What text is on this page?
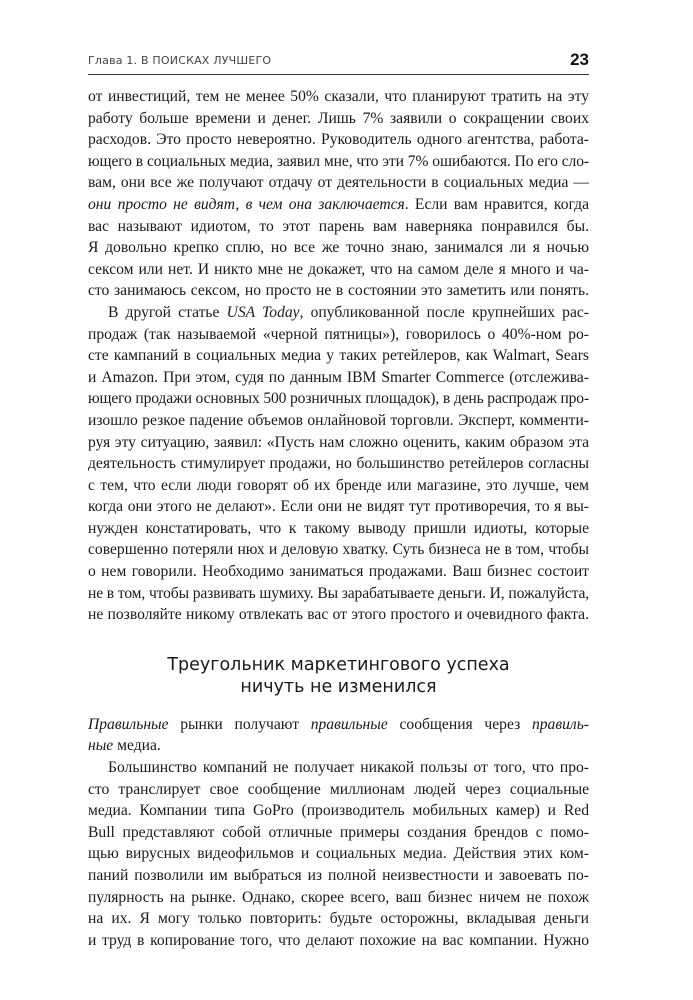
Глава 1. В ПОИСКАХ ЛУЧШЕГО	23
от инвестиций, тем не менее 50% сказали, что планируют тратить на эту
работу больше времени и денег. Лишь 7% заявили о сокращении своих
расходов. Это просто невероятно. Руководитель одного агентства, работа-
ющего в социальных медиа, заявил мне, что эти 7% ошибаются. По его сло-
вам, они все же получают отдачу от деятельности в социальных медиа —
они просто не видят, в чем она заключается. Если вам нравится, когда
вас называют идиотом, то этот парень вам наверняка понравился бы.
Я довольно крепко сплю, но все же точно знаю, занимался ли я ночью
сексом или нет. И никто мне не докажет, что на самом деле я много и ча-
сто занимаюсь сексом, но просто не в состоянии это заметить или понять.
В другой статье USA Today, опубликованной после крупнейших рас-
продаж (так называемой «черной пятницы»), говорилось о 40%-ном ро-
сте кампаний в социальных медиа у таких ретейлеров, как Walmart, Sears
и Amazon. При этом, судя по данным IBM Smarter Commerce (отслежива-
ющего продажи основных 500 розничных площадок), в день распродаж про-
изошло резкое падение объемов онлайновой торговли. Эксперт, комменти-
руя эту ситуацию, заявил: «Пусть нам сложно оценить, каким образом эта
деятельность стимулирует продажи, но большинство ретейлеров согласны
с тем, что если люди говорят об их бренде или магазине, это лучше, чем
когда они этого не делают». Если они не видят тут противоречия, то я вы-
нужден констатировать, что к такому выводу пришли идиоты, которые
совершенно потеряли нюх и деловую хватку. Суть бизнеса не в том, чтобы
о нем говорили. Необходимо заниматься продажами. Ваш бизнес состоит
не в том, чтобы развивать шумиху. Вы зарабатываете деньги. И, пожалуйста,
не позволяйте никому отвлекать вас от этого простого и очевидного факта.
Треугольник маркетингового успеха
ничуть не изменился
Правильные рынки получают правильные сообщения через правиль-
ные медиа.
Большинство компаний не получает никакой пользы от того, что про-
сто транслирует свое сообщение миллионам людей через социальные
медиа. Компании типа GoPro (производитель мобильных камер) и Red
Bull представляют собой отличные примеры создания брендов с помо-
щью вирусных видеофильмов и социальных медиа. Действия этих ком-
паний позволили им выбраться из полной неизвестности и завоевать по-
пулярность на рынке. Однако, скорее всего, ваш бизнес ничем не похож
на их. Я могу только повторить: будьте осторожны, вкладывая деньги
и труд в копирование того, что делают похожие на вас компании. Нужно
